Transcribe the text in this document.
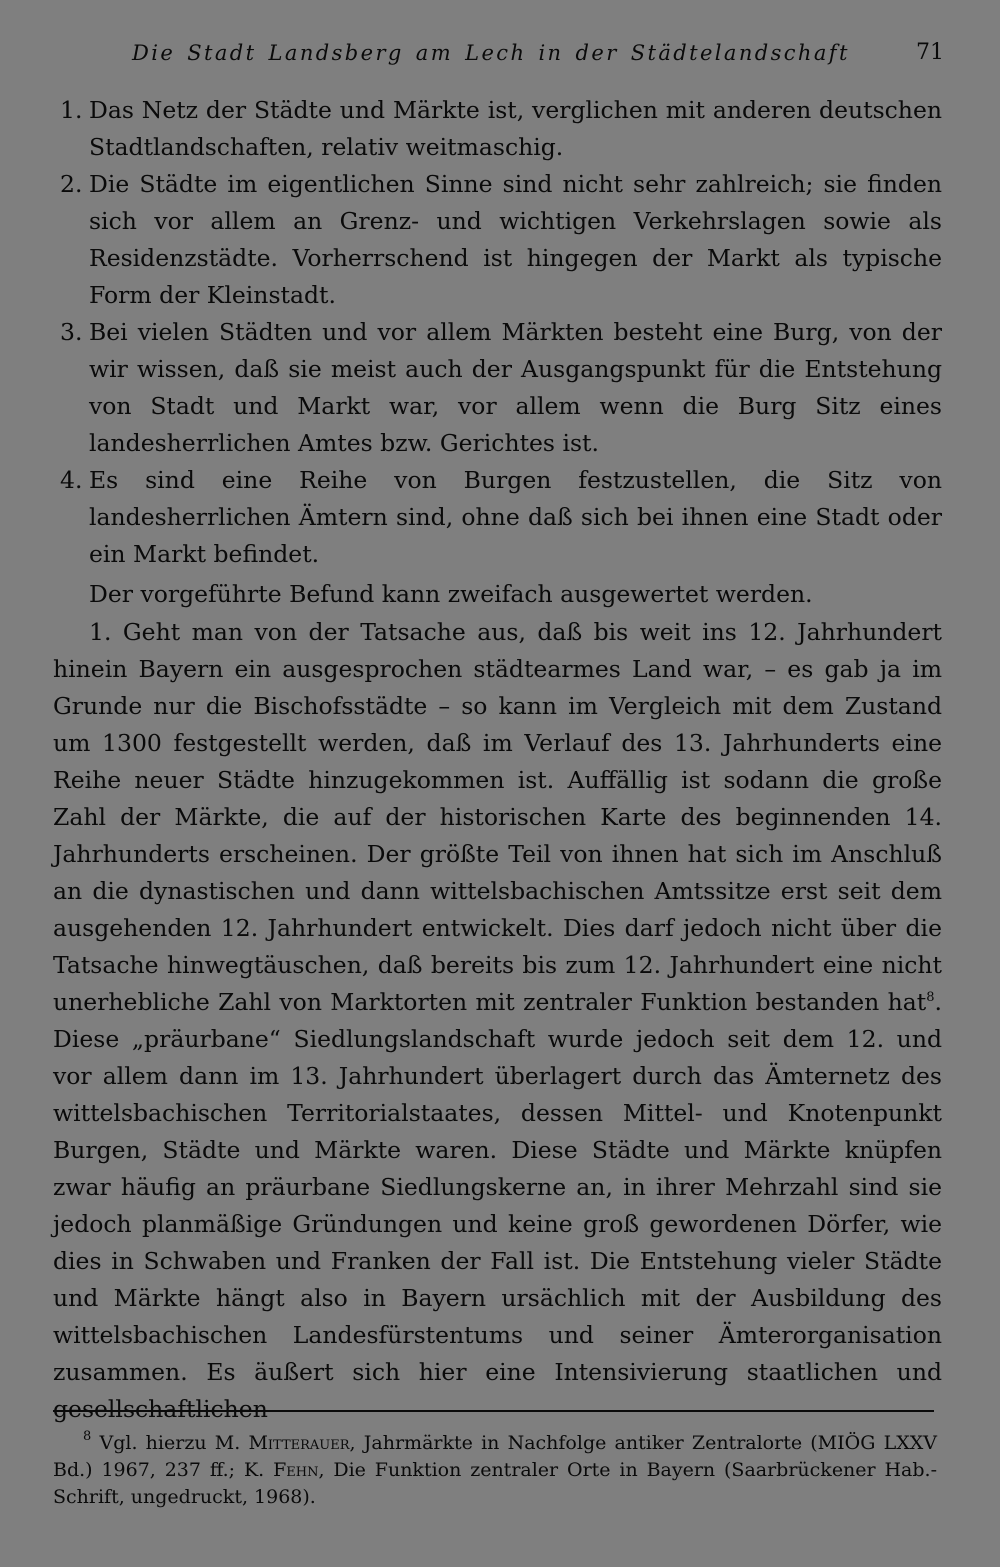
Die Stadt Landsberg am Lech in der Städtelandschaft	71

1. Das Netz der Städte und Märkte ist, verglichen mit anderen deutschen Stadtlandschaften, relativ weitmaschig.

2. Die Städte im eigentlichen Sinne sind nicht sehr zahlreich; sie finden sich vor allem an Grenz- und wichtigen Verkehrslagen sowie als Residenzstädte. Vorherrschend ist hingegen der Markt als typische Form der Kleinstadt.

3. Bei vielen Städten und vor allem Märkten besteht eine Burg, von der wir wissen, daß sie meist auch der Ausgangspunkt für die Entstehung von Stadt und Markt war, vor allem wenn die Burg Sitz eines landesherrlichen Amtes bzw. Gerichtes ist.

4. Es sind eine Reihe von Burgen festzustellen, die Sitz von landesherrlichen Ämtern sind, ohne daß sich bei ihnen eine Stadt oder ein Markt befindet.

Der vorgeführte Befund kann zweifach ausgewertet werden.

1. Geht man von der Tatsache aus, daß bis weit ins 12. Jahrhundert hinein Bayern ein ausgesprochen städtearmes Land war, – es gab ja im Grunde nur die Bischofsstädte – so kann im Vergleich mit dem Zustand um 1300 festgestellt werden, daß im Verlauf des 13. Jahrhunderts eine Reihe neuer Städte hinzugekommen ist. Auffällig ist sodann die große Zahl der Märkte, die auf der historischen Karte des beginnenden 14. Jahrhunderts erscheinen. Der größte Teil von ihnen hat sich im Anschluß an die dynastischen und dann wittelsbachischen Amtssitze erst seit dem ausgehenden 12. Jahrhundert entwickelt. Dies darf jedoch nicht über die Tatsache hinwegtäuschen, daß bereits bis zum 12. Jahrhundert eine nicht unerhebliche Zahl von Marktorten mit zentraler Funktion bestanden hat$^8$. Diese „präurbane“ Siedlungslandschaft wurde jedoch seit dem 12. und vor allem dann im 13. Jahrhundert überlagert durch das Ämternetz des wittelsbachischen Territorialstaates, dessen Mittel- und Knotenpunkt Burgen, Städte und Märkte waren. Diese Städte und Märkte knüpfen zwar häufig an präurbane Siedlungskerne an, in ihrer Mehrzahl sind sie jedoch planmäßige Gründungen und keine groß gewordenen Dörfer, wie dies in Schwaben und Franken der Fall ist. Die Entstehung vieler Städte und Märkte hängt also in Bayern ursächlich mit der Ausbildung des wittelsbachischen Landesfürstentums und seiner Ämterorganisation zusammen. Es äußert sich hier eine Intensivierung staatlichen und gesellschaftlichen

$^8$ Vgl. hierzu M. Mitterauer, Jahrmärkte in Nachfolge antiker Zentralorte (MIÖG LXXV Bd.) 1967, 237 ff.; K. Fehn, Die Funktion zentraler Orte in Bayern (Saarbrückener Hab.-Schrift, ungedruckt, 1968).
